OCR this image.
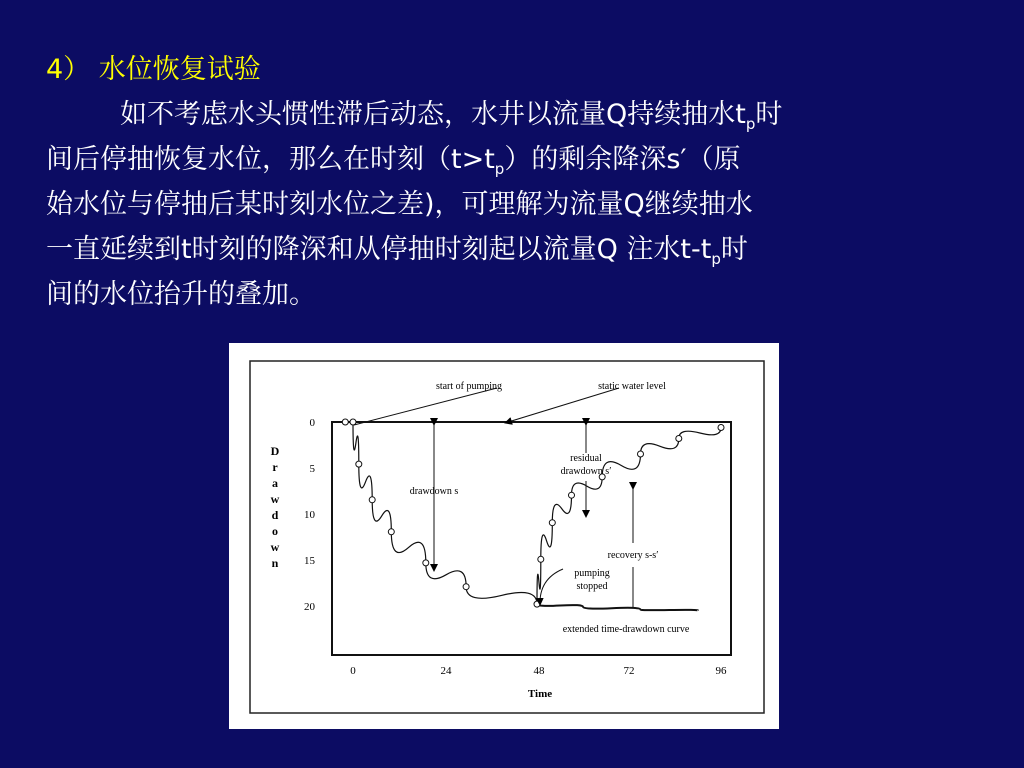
4） 水位恢复试验
如不考虑水头惯性滞后动态，水井以流量Q持续抽水$t_p$时
间后停抽恢复水位，那么在时刻$(t>t_p)$的剩余降深s′（原
始水位与停抽后某时刻水位之差)，可理解为流量Q继续抽水
一直延续到t时刻的降深和从停抽时刻起以流量Q 注水$t-t_p$时
间的水位抬升的叠加。
0
5
10
15
20
0	24	48	72	96
Time
D
r
a
w
d
o
w
n
start of pumping	static water level
drawdown s
residual
drawdown s′
recovery s-s′
pumping
stopped
extended time-drawdown curve
